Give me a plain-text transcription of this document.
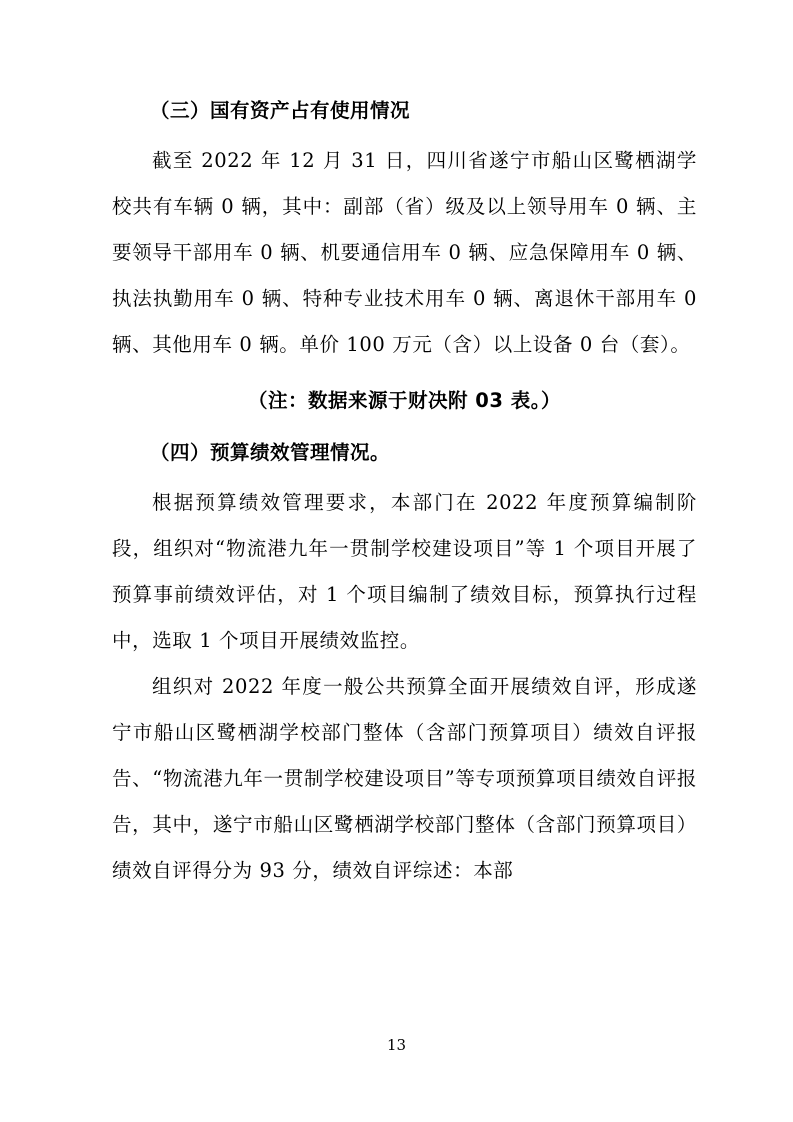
（三）国有资产占有使用情况

截至 2022 年 12 月 31 日，四川省遂宁市船山区鹭栖湖学校共有车辆 0 辆，其中：副部（省）级及以上领导用车 0 辆、主要领导干部用车 0 辆、机要通信用车 0 辆、应急保障用车 0 辆、执法执勤用车 0 辆、特种专业技术用车 0 辆、离退休干部用车 0 辆、其他用车 0 辆。单价 100 万元（含）以上设备 0 台（套）。

（注：数据来源于财决附 03 表。）

（四）预算绩效管理情况。

根据预算绩效管理要求，本部门在 2022 年度预算编制阶段，组织对“物流港九年一贯制学校建设项目”等 1 个项目开展了预算事前绩效评估，对 1 个项目编制了绩效目标，预算执行过程中，选取 1 个项目开展绩效监控。

组织对 2022 年度一般公共预算全面开展绩效自评，形成遂宁市船山区鹭栖湖学校部门整体（含部门预算项目）绩效自评报告、“物流港九年一贯制学校建设项目”等专项预算项目绩效自评报告，其中，遂宁市船山区鹭栖湖学校部门整体（含部门预算项目）绩效自评得分为 93 分，绩效自评综述：本部

13
